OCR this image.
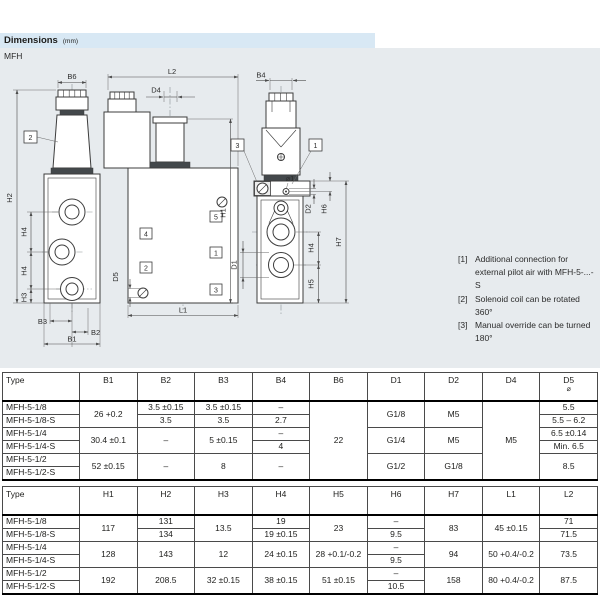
Dimensions (mm)
MFH
B6
H2
H4
H4
H3
B3
B2
B1
2
L2
D4
5
4
1
2
3
H1
D5
L1
B4
⌀1
3	1
D1
D2 H6
H4
H5
H7
[1] Additional connection for external pilot air with MFH-5-...-S
[2] Solenoid coil can be rotated 360°
[3] Manual override can be turned 180°
Type	B1	B2	B3	B4	B6	D1	D2	D4	D5
⌀

MFH-5-1/8	26 +0.2	3.5 ±0.15	3.5 ±0.15	–	22	G1/8	M5	M5	5.5
MFH-5-1/8-S		3.5	3.5	2.7					5.5 – 6.2
MFH-5-1/4	30.4 ±0.1	–	5 ±0.15	–		G1/4	M5		6.5 ±0.14
MFH-5-1/4-S				4					Min. 6.5
MFH-5-1/2	52 ±0.15	–	8	–		G1/2	G1/8		8.5
MFH-5-1/2-S									
Type	H1	H2	H3	H4	H5	H6	H7	L1	L2
MFH-5-1/8	117	131	13.5	19	23	–	83	45 ±0.15	71
MFH-5-1/8-S		134		19 ±0.15		9.5			71.5
MFH-5-1/4	128	143	12	24 ±0.15	28 +0.1/-0.2	–	94	50 +0.4/-0.2	73.5
MFH-5-1/4-S						9.5			
MFH-5-1/2	192	208.5	32 ±0.15	38 ±0.15	51 ±0.15	–	158	80 +0.4/-0.2	87.5
MFH-5-1/2-S						10.5			
